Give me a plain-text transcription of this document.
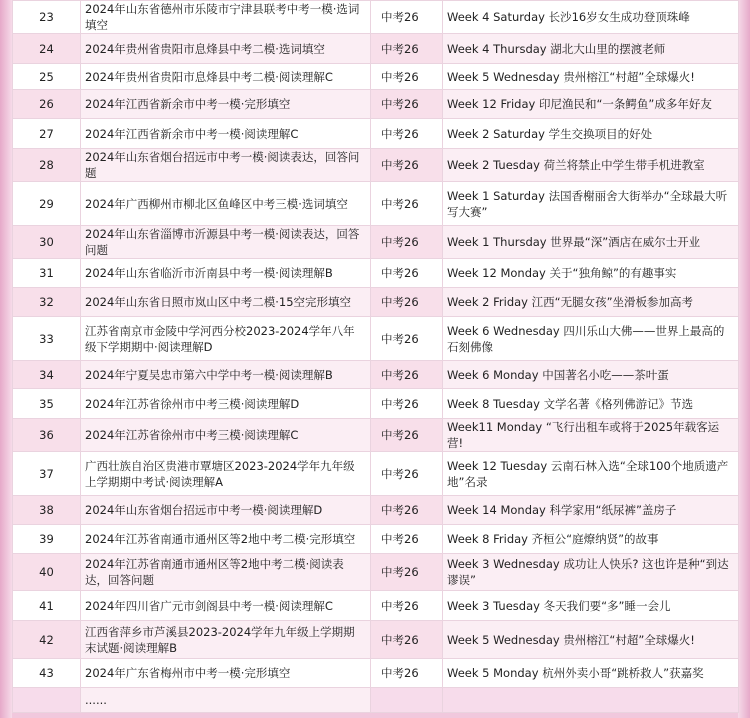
23	2024年山东省德州市乐陵市宁津县联考中考一模·选词填空	中考26	Week 4 Saturday 长沙16岁女生成功登顶珠峰
24	2024年贵州省贵阳市息烽县中考二模·选词填空	中考26	Week 4 Thursday 湖北大山里的摆渡老师
25	2024年贵州省贵阳市息烽县中考二模·阅读理解C	中考26	Week 5 Wednesday 贵州榕江“村超”全球爆火!
26	2024年江西省新余市中考一模·完形填空	中考26	Week 12 Friday 印尼渔民和“一条鳄鱼”成多年好友
27	2024年江西省新余市中考一模·阅读理解C	中考26	Week 2 Saturday 学生交换项目的好处
28	2024年山东省烟台招远市中考一模·阅读表达，回答问题	中考26	Week 2 Tuesday 荷兰将禁止中学生带手机进教室
29	2024年广西柳州市柳北区鱼峰区中考三模·选词填空	中考26	Week 1 Saturday 法国香榭丽舍大街举办“全球最大听写大赛”
30	2024年山东省淄博市沂源县中考一模·阅读表达，回答问题	中考26	Week 1 Thursday 世界最“深”酒店在威尔士开业
31	2024年山东省临沂市沂南县中考一模·阅读理解B	中考26	Week 12 Monday 关于“独角鲸”的有趣事实
32	2024年山东省日照市岚山区中考二模·15空完形填空	中考26	Week 2 Friday 江西“无腿女孩”坐滑板参加高考
33	江苏省南京市金陵中学河西分校2023-2024学年八年级下学期期中·阅读理解D	中考26	Week 6 Wednesday 四川乐山大佛——世界上最高的石刻佛像
34	2024年宁夏吴忠市第六中学中考一模·阅读理解B	中考26	Week 6 Monday 中国著名小吃——茶叶蛋
35	2024年江苏省徐州市中考三模·阅读理解D	中考26	Week 8 Tuesday 文学名著《格列佛游记》节选
36	2024年江苏省徐州市中考三模·阅读理解C	中考26	Week11 Monday “飞行出租车或将于2025年载客运营!
37	广西壮族自治区贵港市覃塘区2023-2024学年九年级上学期期中考试·阅读理解A	中考26	Week 12 Tuesday 云南石林入选“全球100个地质遗产地”名录
38	2024年山东省烟台招远市中考一模·阅读理解D	中考26	Week 14 Monday 科学家用“纸尿裤”盖房子
39	2024年江苏省南通市通州区等2地中考二模·完形填空	中考26	Week 8 Friday 齐桓公“庭燎纳贤”的故事
40	2024年江苏省南通市通州区等2地中考二模·阅读表达，回答问题	中考26	Week 3 Wednesday 成功让人快乐? 这也许是种“到达谬误”
41	2024年四川省广元市剑阁县中考一模·阅读理解C	中考26	Week 3 Tuesday 冬天我们要“多”睡一会儿
42	江西省萍乡市芦溪县2023-2024学年九年级上学期期末试题·阅读理解B	中考26	Week 5 Wednesday 贵州榕江“村超”全球爆火!
43	2024年广东省梅州市中考一模·完形填空	中考26	Week 5 Monday 杭州外卖小哥“跳桥救人”获嘉奖
	......		
